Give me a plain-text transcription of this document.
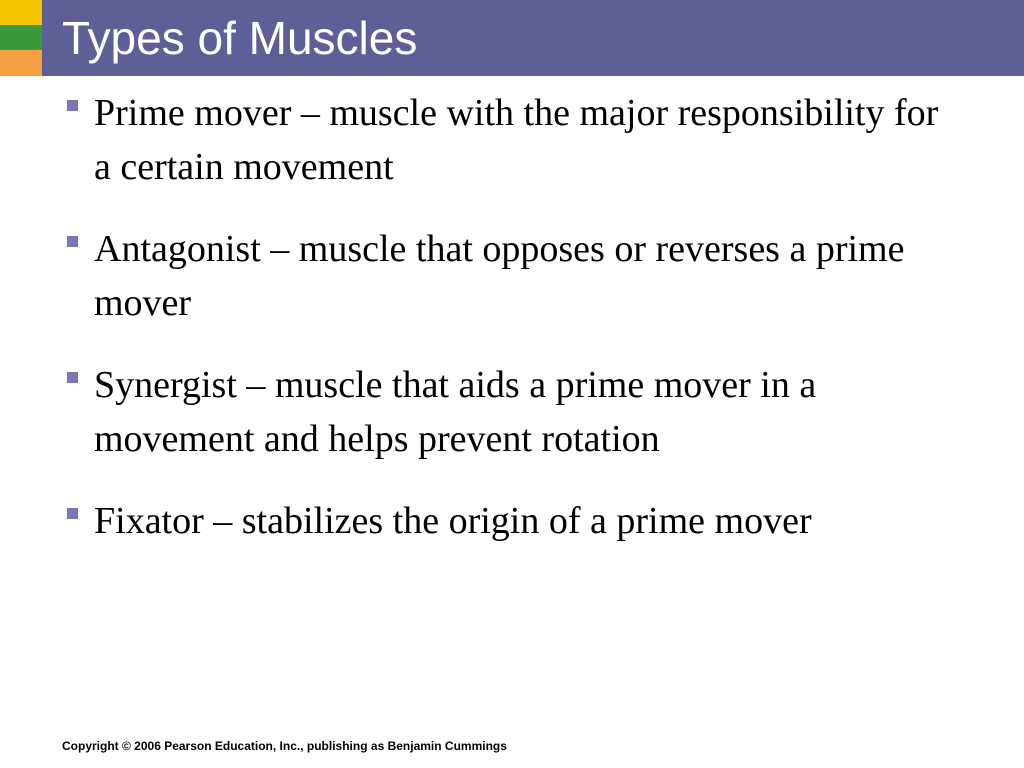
Types of Muscles
Prime mover – muscle with the major responsibility for a certain movement
Antagonist – muscle that opposes or reverses a prime mover
Synergist – muscle that aids a prime mover in a movement and helps prevent rotation
Fixator – stabilizes the origin of a prime mover

Copyright © 2006 Pearson Education, Inc., publishing as Benjamin Cummings
